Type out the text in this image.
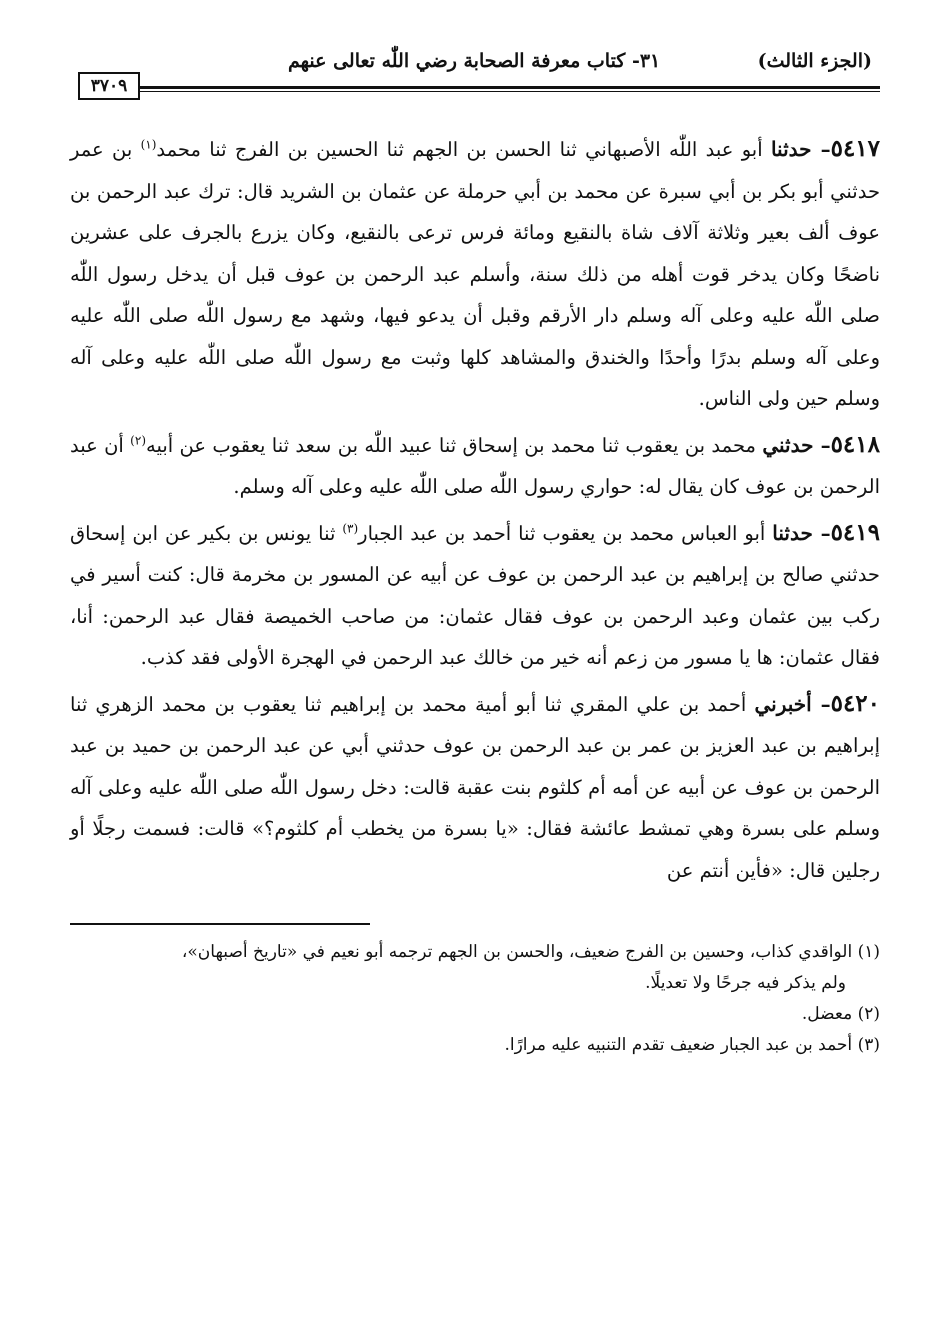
(الجزء الثالث)
٣١- كتاب معرفة الصحابة رضي اللّٰه تعالى عنهم
٣٧٠٩

٥٤١٧– حدثنا أبو عبد اللّٰه الأصبهاني ثنا الحسن بن الجهم ثنا الحسين بن الفرج ثنا محمد$^{(١)}$ بن عمر حدثني أبو بكر بن أبي سبرة عن محمد بن أبي حرملة عن عثمان بن الشريد قال: ترك عبد الرحمن بن عوف ألف بعير وثلاثة آلاف شاة بالنقيع ومائة فرس ترعى بالنقيع، وكان يزرع بالجرف على عشرين ناضحًا وكان يدخر قوت أهله من ذلك سنة، وأسلم عبد الرحمن بن عوف قبل أن يدخل رسول اللّٰه صلى اللّٰه عليه وعلى آله وسلم دار الأرقم وقبل أن يدعو فيها، وشهد مع رسول اللّٰه صلى اللّٰه عليه وعلى آله وسلم بدرًا وأحدًا والخندق والمشاهد كلها وثبت مع رسول اللّٰه صلى اللّٰه عليه وعلى آله وسلم حين ولى الناس.

٥٤١٨– حدثني محمد بن يعقوب ثنا محمد بن إسحاق ثنا عبيد اللّٰه بن سعد ثنا يعقوب عن أبيه$^{(٢)}$ أن عبد الرحمن بن عوف كان يقال له: حواري رسول اللّٰه صلى اللّٰه عليه وعلى آله وسلم.

٥٤١٩– حدثنا أبو العباس محمد بن يعقوب ثنا أحمد بن عبد الجبار$^{(٣)}$ ثنا يونس بن بكير عن ابن إسحاق حدثني صالح بن إبراهيم بن عبد الرحمن بن عوف عن أبيه عن المسور بن مخرمة قال: كنت أسير في ركب بين عثمان وعبد الرحمن بن عوف فقال عثمان: من صاحب الخميصة فقال عبد الرحمن: أنا، فقال عثمان: ها يا مسور من زعم أنه خير من خالك عبد الرحمن في الهجرة الأولى فقد كذب.

٥٤٢٠– أخبرني أحمد بن علي المقري ثنا أبو أمية محمد بن إبراهيم ثنا يعقوب بن محمد الزهري ثنا إبراهيم بن عبد العزيز بن عمر بن عبد الرحمن بن عوف حدثني أبي عن عبد الرحمن بن حميد بن عبد الرحمن بن عوف عن أبيه عن أمه أم كلثوم بنت عقبة قالت: دخل رسول اللّٰه صلى اللّٰه عليه وعلى آله وسلم على بسرة وهي تمشط عائشة فقال: «يا بسرة من يخطب أم كلثوم؟» قالت: فسمت رجلًا أو رجلين قال: «فأين أنتم عن

(١) الواقدي كذاب، وحسين بن الفرج ضعيف، والحسن بن الجهم ترجمه أبو نعيم في «تاريخ أصبهان»،

ولم يذكر فيه جرحًا ولا تعديلًا.

(٢) معضل.

(٣) أحمد بن عبد الجبار ضعيف تقدم التنبيه عليه مرارًا.
